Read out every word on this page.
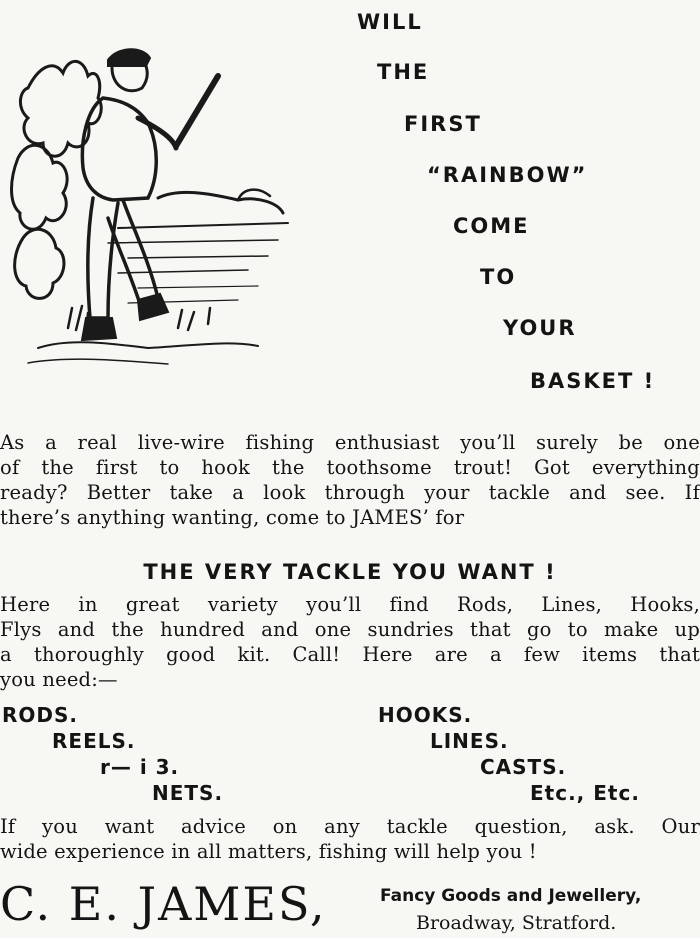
WILL
THE
FIRST
“RAINBOW”
COME
TO
YOUR
BASKET !
As a real live-wire fishing enthusiast you’ll surely be one
of the first to hook the toothsome trout! Got everything
ready? Better take a look through your tackle and see. If
there’s anything wanting, come to JAMES’ for
THE VERY TACKLE YOU WANT !
Here in great variety you’ll find Rods, Lines, Hooks,
Flys and the hundred and one sundries that go to make up
a thoroughly good kit. Call! Here are a few items that
you need:—
RODS.
REELS.
r— i 3.
NETS.
HOOKS.
LINES.
CASTS.
Etc., Etc.
If you want advice on any tackle question, ask. Our
wide experience in all matters, fishing will help you !
C. E. JAMES,	Fancy Goods and Jewellery,
Broadway, Stratford.
